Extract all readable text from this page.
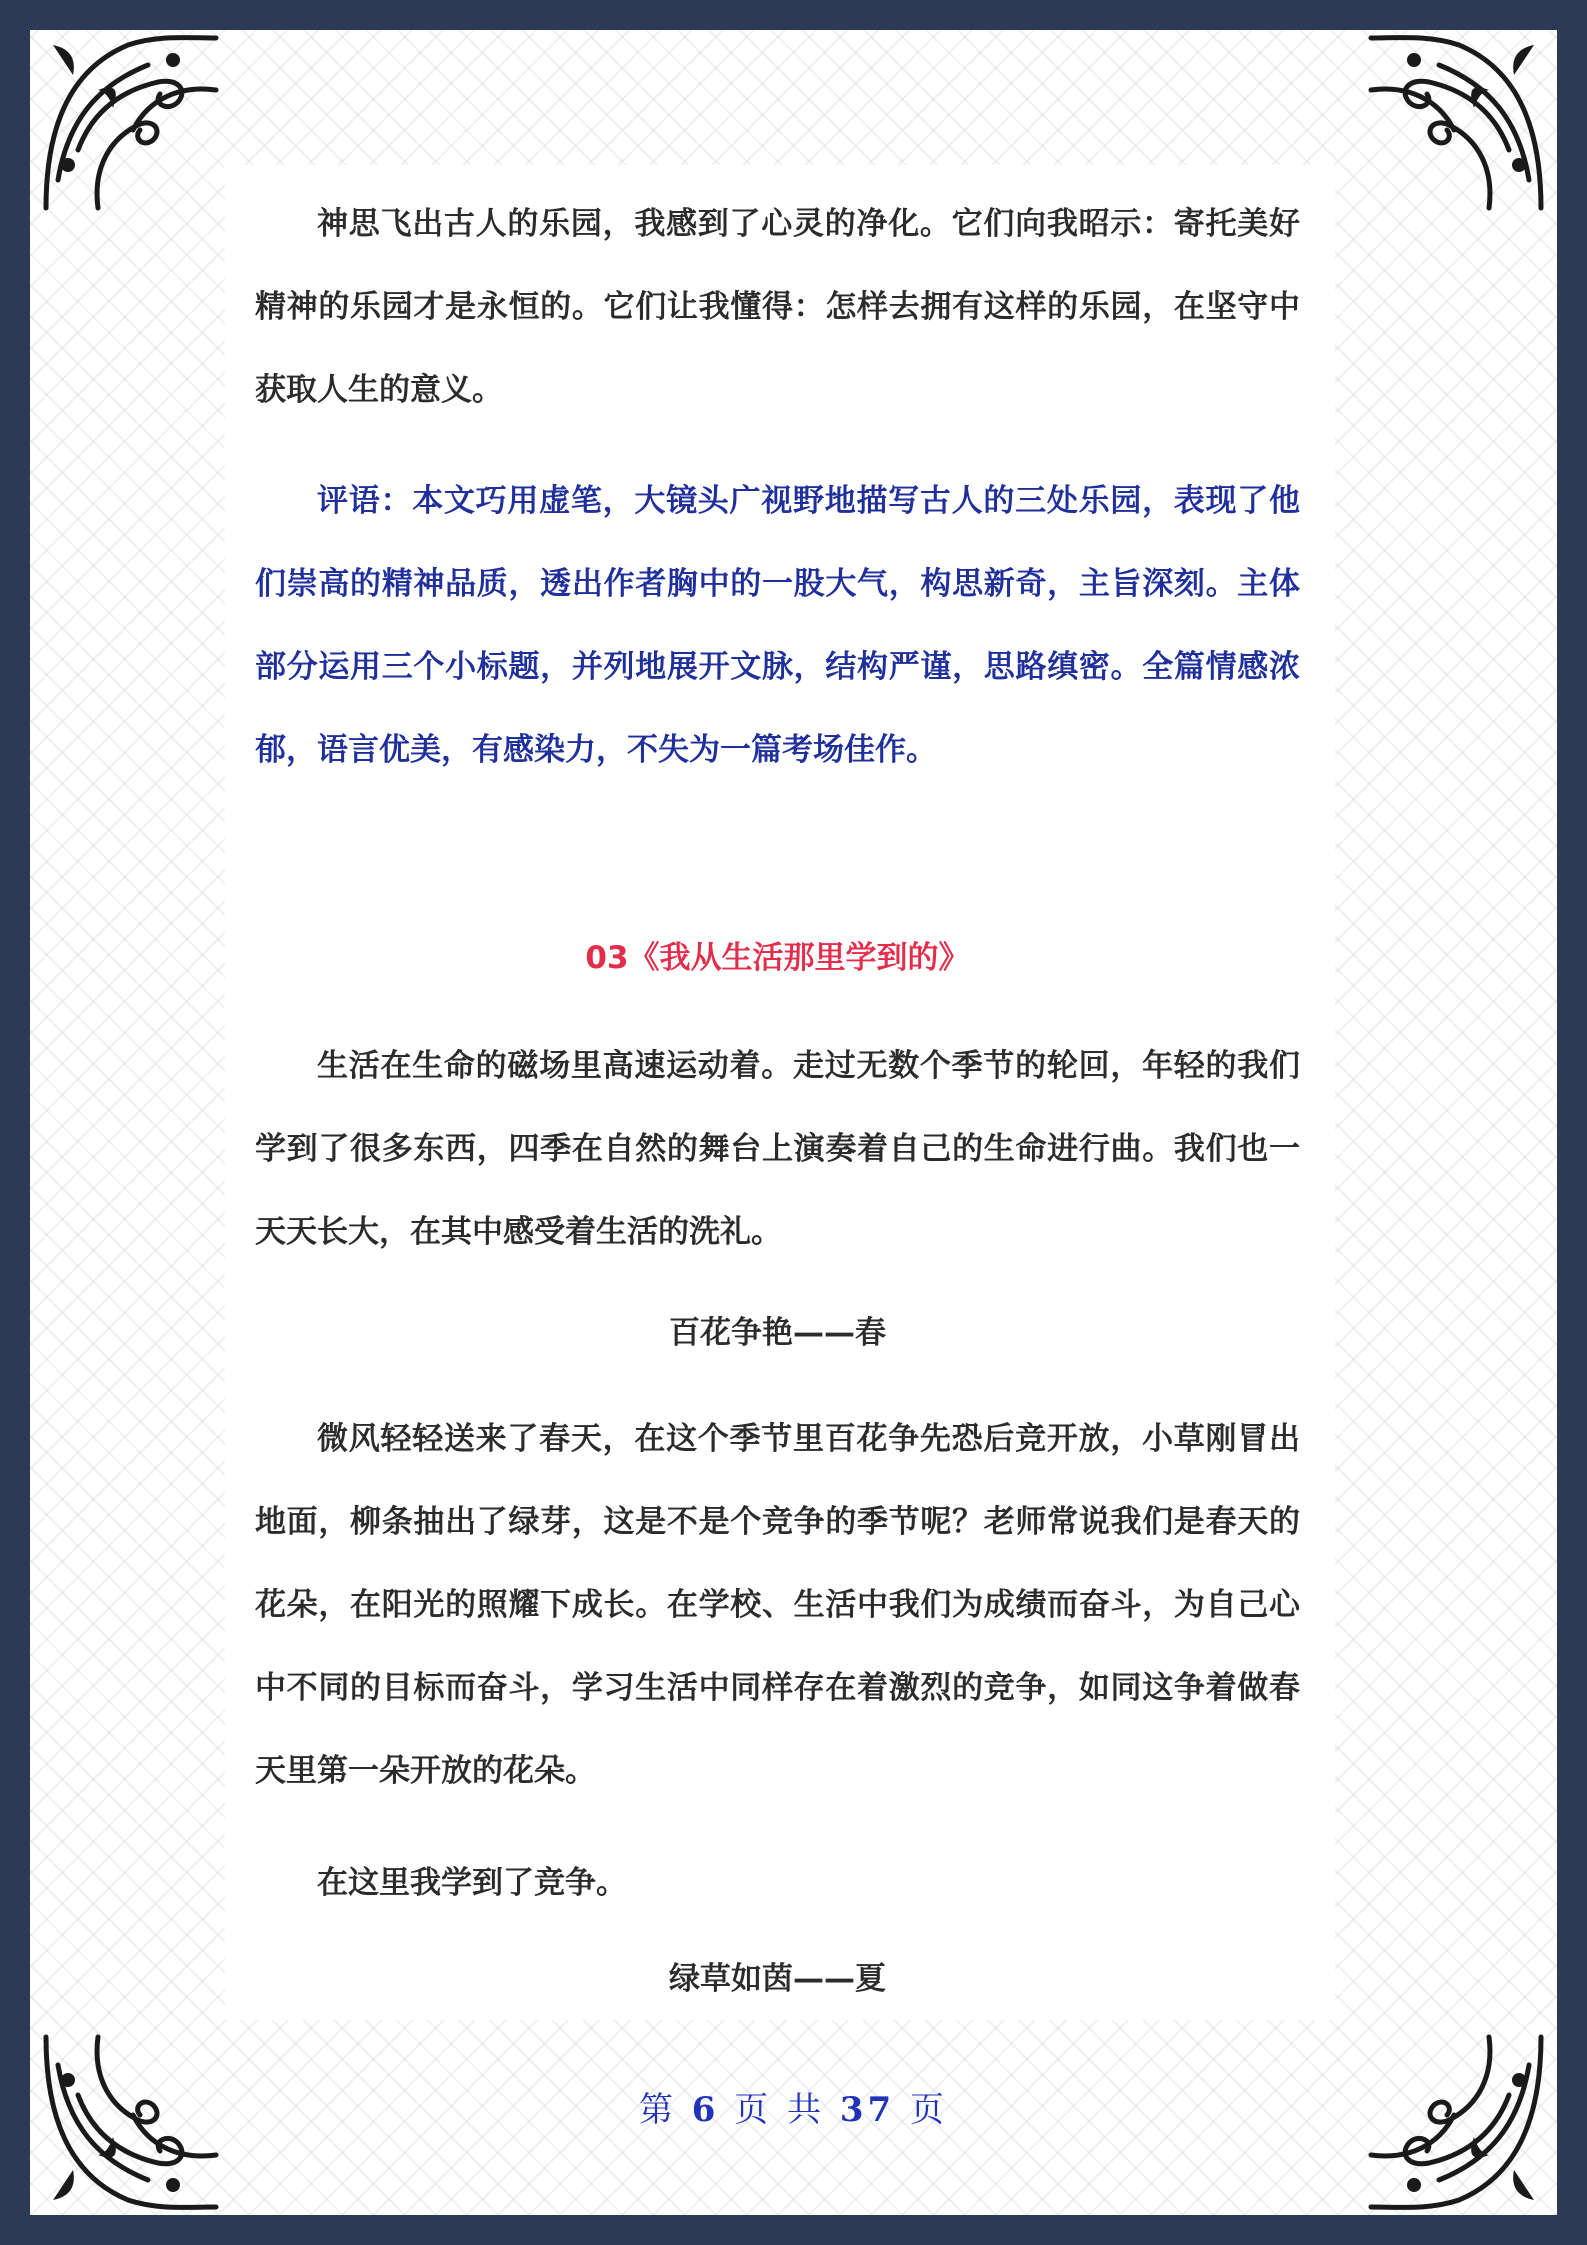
神思飞出古人的乐园，我感到了心灵的净化。它们向我昭示：寄托美好精神的乐园才是永恒的。它们让我懂得：怎样去拥有这样的乐园，在坚守中获取人生的意义。

评语：本文巧用虚笔，大镜头广视野地描写古人的三处乐园，表现了他们崇高的精神品质，透出作者胸中的一股大气，构思新奇，主旨深刻。主体部分运用三个小标题，并列地展开文脉，结构严谨，思路缜密。全篇情感浓郁，语言优美，有感染力，不失为一篇考场佳作。

03《我从生活那里学到的》

生活在生命的磁场里高速运动着。走过无数个季节的轮回，年轻的我们学到了很多东西，四季在自然的舞台上演奏着自己的生命进行曲。我们也一天天长大，在其中感受着生活的洗礼。

百花争艳——春

微风轻轻送来了春天，在这个季节里百花争先恐后竞开放，小草刚冒出地面，柳条抽出了绿芽，这是不是个竞争的季节呢？老师常说我们是春天的花朵，在阳光的照耀下成长。在学校、生活中我们为成绩而奋斗，为自己心中不同的目标而奋斗，学习生活中同样存在着激烈的竞争，如同这争着做春天里第一朵开放的花朵。

在这里我学到了竞争。

绿草如茵——夏

第 6 页 共 37 页
